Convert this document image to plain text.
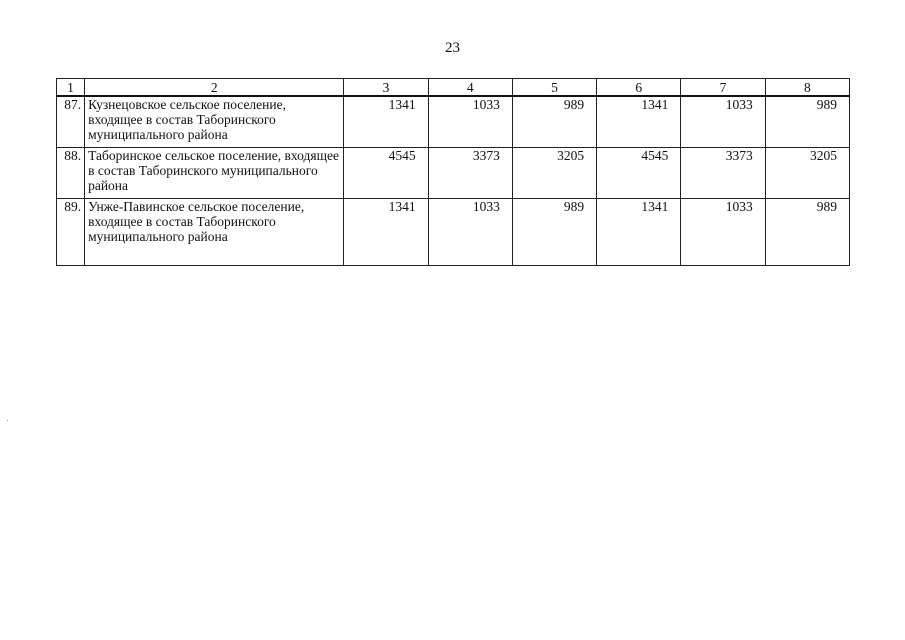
23
1	2	3	4	5	6	7	8
87.	Кузнецовское сельское поселение, входящее в состав Таборинского муниципального района	1341	1033	989	1341	1033	989
88.	Таборинское сельское поселение, входящее в состав Таборинского муниципального района	4545	3373	3205	4545	3373	3205
89.	Унже-Павинское сельское поселение, входящее в состав Таборинского муниципального района	1341	1033	989	1341	1033	989
